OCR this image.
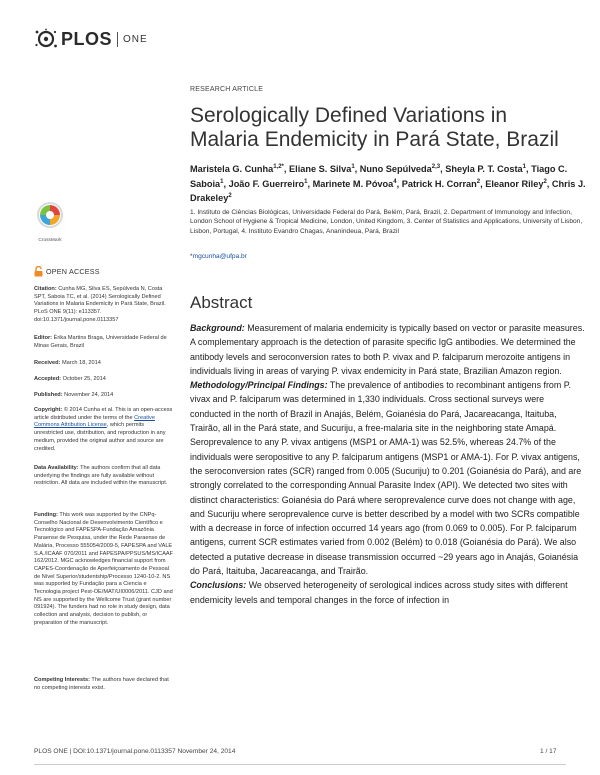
PLOS ONE
RESEARCH ARTICLE
Serologically Defined Variations in Malaria Endemicity in Pará State, Brazil
Maristela G. Cunha$^{1,2*}$, Eliane S. Silva$^1$, Nuno Sepúlveda$^{2,3}$, Sheyla P. T. Costa$^1$, Tiago C. Saboia$^1$, João F. Guerreiro$^1$, Marinete M. Póvoa$^4$, Patrick H. Corran$^2$, Eleanor Riley$^2$, Chris J. Drakeley$^2$
1. Instituto de Ciências Biológicas, Universidade Federal do Pará, Belém, Pará, Brazil, 2. Department of Immunology and Infection, London School of Hygiene & Tropical Medicine, London, United Kingdom, 3. Center of Statistics and Applications, University of Lisbon, Lisbon, Portugal, 4. Instituto Evandro Chagas, Ananindeua, Pará, Brazil
*mgcunha@ufpa.br
Abstract
Background: Measurement of malaria endemicity is typically based on vector or parasite measures. A complementary approach is the detection of parasite specific IgG antibodies. We determined the antibody levels and seroconversion rates to both P. vivax and P. falciparum merozoite antigens in individuals living in areas of varying P. vivax endemicity in Pará state, Brazilian Amazon region.
Methodology/Principal Findings: The prevalence of antibodies to recombinant antigens from P. vivax and P. falciparum was determined in 1,330 individuals. Cross sectional surveys were conducted in the north of Brazil in Anajás, Belém, Goianésia do Pará, Jacareacanga, Itaituba, Trairão, all in the Pará state, and Sucuriju, a free-malaria site in the neighboring state Amapá. Seroprevalence to any P. vivax antigens (MSP1 or AMA-1) was 52.5%, whereas 24.7% of the individuals were seropositive to any P. falciparum antigens (MSP1 or AMA-1). For P. vivax antigens, the seroconversion rates (SCR) ranged from 0.005 (Sucuriju) to 0.201 (Goianésia do Pará), and are strongly correlated to the corresponding Annual Parasite Index (API). We detected two sites with distinct characteristics: Goianésia do Pará where seroprevalence curve does not change with age, and Sucuriju where seroprevalence curve is better described by a model with two SCRs compatible with a decrease in force of infection occurred 14 years ago (from 0.069 to 0.005). For P. falciparum antigens, current SCR estimates varied from 0.002 (Belém) to 0.018 (Goianésia do Pará). We also detected a putative decrease in disease transmission occurred ~29 years ago in Anajás, Goianésia do Pará, Itaituba, Jacareacanga, and Trairão.
Conclusions: We observed heterogeneity of serological indices across study sites with different endemicity levels and temporal changes in the force of infection in
CrossMark
OPEN ACCESS
Citation: Cunha MG, Silva ES, Sepúlveda N, Costa SPT, Saboia TC, et al. (2014) Serologically Defined Variations in Malaria Endemicity in Pará State, Brazil. PLoS ONE 9(11): e113357. doi:10.1371/journal.pone.0113357
Editor: Érika Martins Braga, Universidade Federal de Minas Gerais, Brazil
Received: March 18, 2014
Accepted: October 25, 2014
Published: November 24, 2014
Copyright: © 2014 Cunha et al. This is an open-access article distributed under the terms of the Creative Commons Attribution License, which permits unrestricted use, distribution, and reproduction in any medium, provided the original author and source are credited.
Data Availability: The authors confirm that all data underlying the findings are fully available without restriction. All data are included within the manuscript.
Funding: This work was supported by the CNPq-Conselho Nacional de Desenvolvimento Científico e Tecnológico and FAPESPA-Fundação Amazônia Paraense de Pesquisa, under the Rede Paraense de Malária, Processo 555054/2009-5, FAPESPA and VALE S.A./ICAAF 070/2011 and FAPESPA/PPSUS/MS/ICAAF 162/2012. MGC acknowledges financial support from CAPES-Coordenação de Aperfeiçoamento de Pessoal de Nível Superior/studentship/Processo 1240-10-2. NS was supported by Fundação para a Ciencia e Tecnologia project Pest-OE/MAT/UI0006/2011. CJD and NS are supported by the Wellcome Trust (grant number 091924). The funders had no role in study design, data collection and analysis, decision to publish, or preparation of the manuscript.
Competing Interests: The authors have declared that no competing interests exist.
PLOS ONE | DOI:10.1371/journal.pone.0113357 November 24, 2014	1 / 17
